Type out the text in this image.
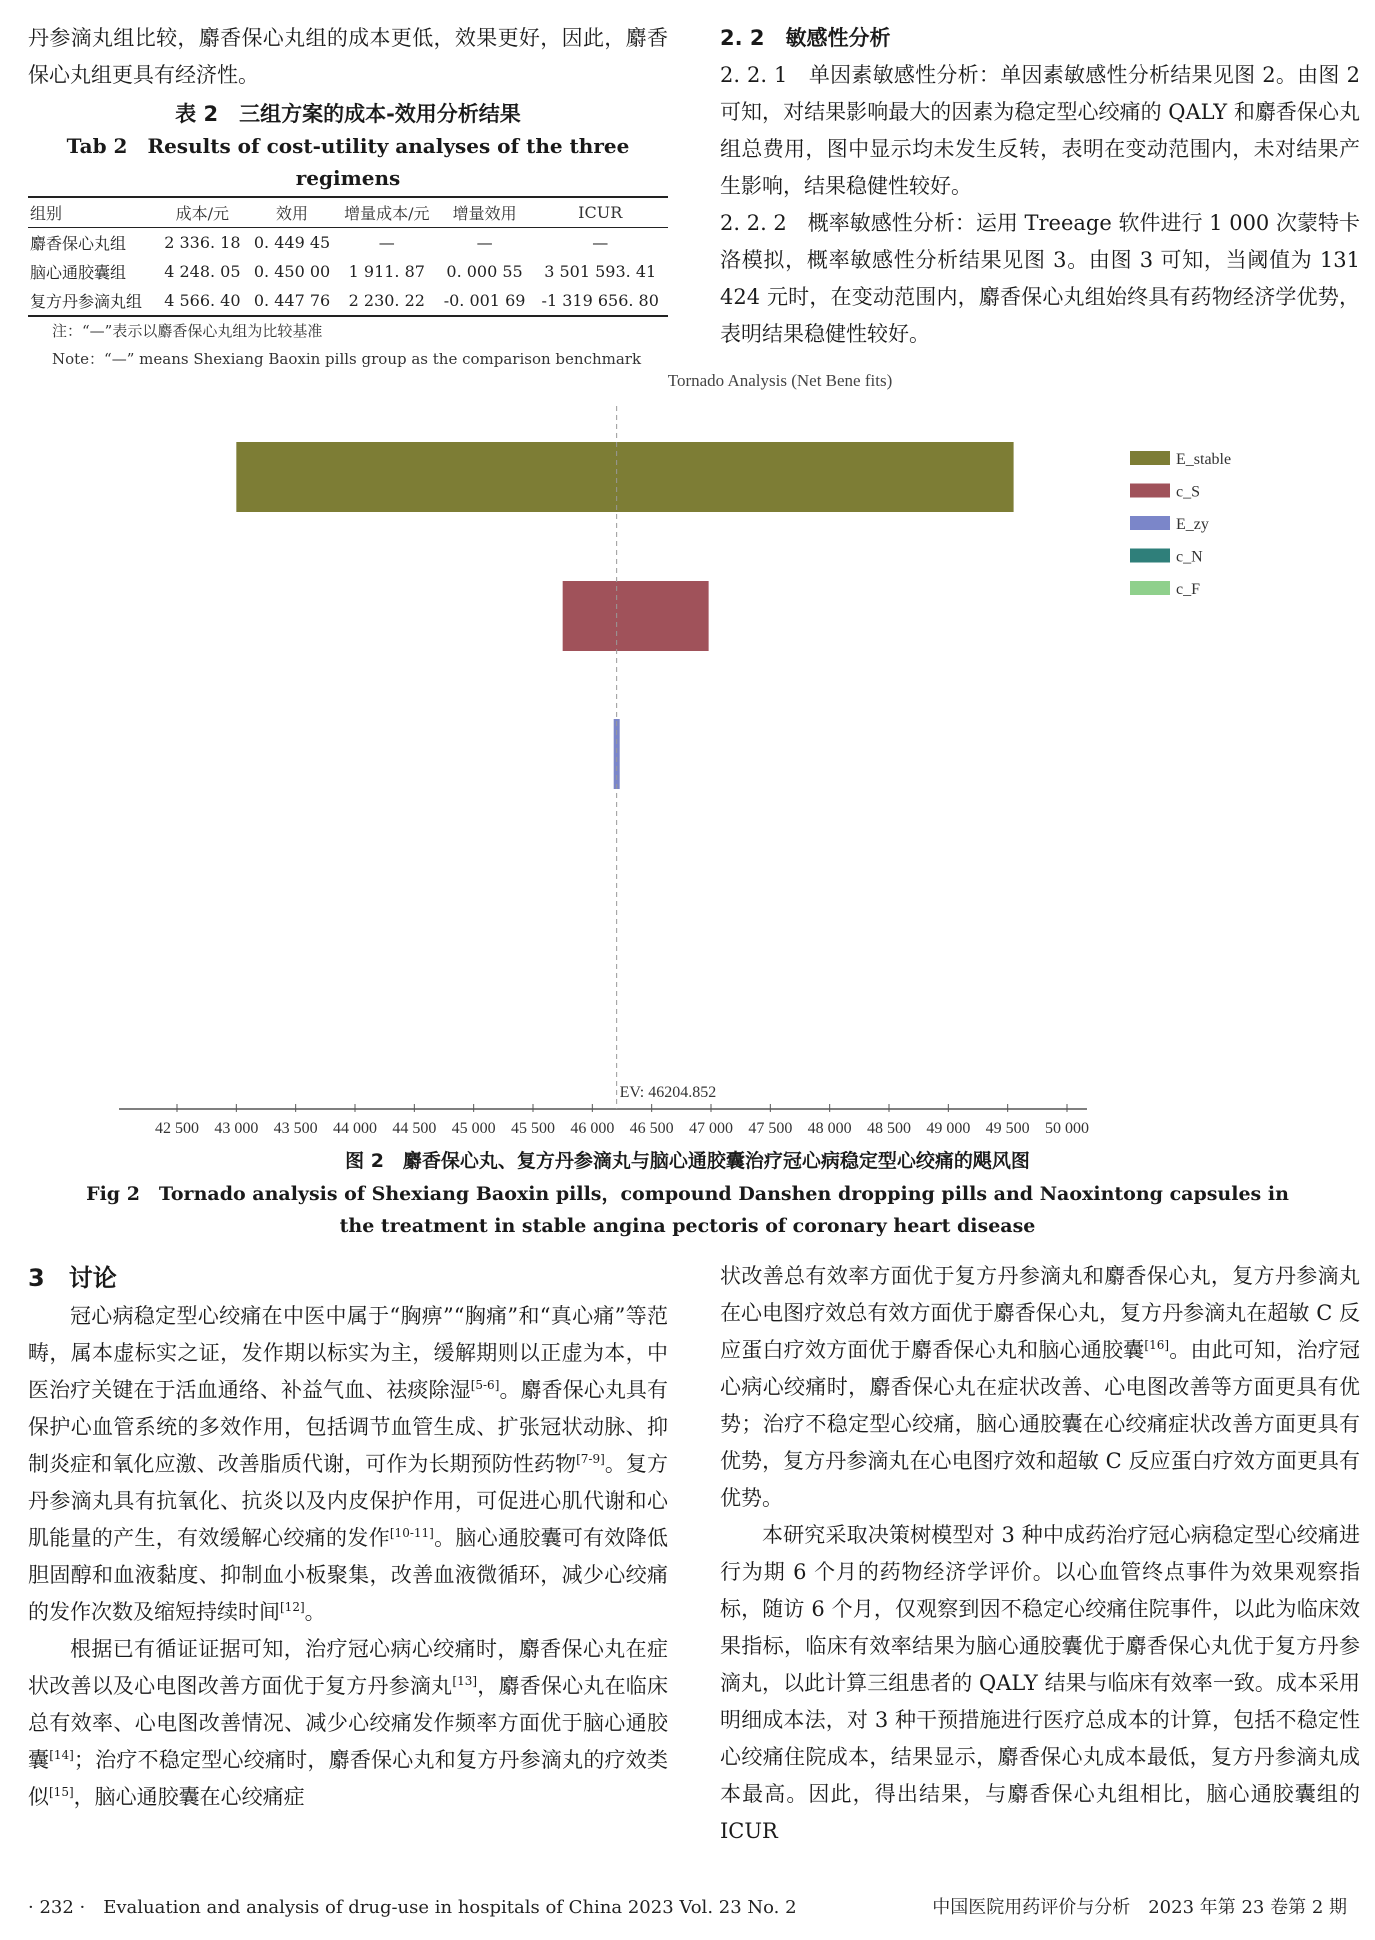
丹参滴丸组比较，麝香保心丸组的成本更低，效果更好，因此，麝香保心丸组更具有经济性。

表 2　三组方案的成本-效用分析结果
Tab 2　Results of cost-utility analyses of the three regimens
组别	成本/元	效用	增量成本/元	增量效用	ICUR
麝香保心丸组	2 336. 18	0. 449 45	—	—	—
脑心通胶囊组	4 248. 05	0. 450 00	1 911. 87	0. 000 55	3 501 593. 41
复方丹参滴丸组	4 566. 40	0. 447 76	2 230. 22	-0. 001 69	-1 319 656. 80
注：“—”表示以麝香保心丸组为比较基准
Note：“—” means Shexiang Baoxin pills group as the comparison benchmark
2. 2　敏感性分析

2. 2. 1　单因素敏感性分析：单因素敏感性分析结果见图 2。由图 2 可知，对结果影响最大的因素为稳定型心绞痛的 QALY 和麝香保心丸组总费用，图中显示均未发生反转，表明在变动范围内，未对结果产生影响，结果稳健性较好。

2. 2. 2　概率敏感性分析：运用 Treeage 软件进行 1 000 次蒙特卡洛模拟，概率敏感性分析结果见图 3。由图 3 可知，当阈值为 131 424 元时，在变动范围内，麝香保心丸组始终具有药物经济学优势，表明结果稳健性较好。

Tornado Analysis (Net Bene fits)
E_stable
c_S
E_zy
c_N
c_F
42 500 43 000 43 500 44 000 44 500 45 000 45 500 46 000 46 500 47 000 47 500 48 000 48 500 49 000 49 500 50 000
EV: 46204.852
图 2　麝香保心丸、复方丹参滴丸与脑心通胶囊治疗冠心病稳定型心绞痛的飓风图
Fig 2　Tornado analysis of Shexiang Baoxin pills，compound Danshen dropping pills and Naoxintong capsules in the treatment in stable angina pectoris of coronary heart disease
3　讨论

冠心病稳定型心绞痛在中医中属于“胸痹”“胸痛”和“真心痛”等范畴，属本虚标实之证，发作期以标实为主，缓解期则以正虚为本，中医治疗关键在于活血通络、补益气血、祛痰除湿[5-6]。麝香保心丸具有保护心血管系统的多效作用，包括调节血管生成、扩张冠状动脉、抑制炎症和氧化应激、改善脂质代谢，可作为长期预防性药物[7-9]。复方丹参滴丸具有抗氧化、抗炎以及内皮保护作用，可促进心肌代谢和心肌能量的产生，有效缓解心绞痛的发作[10-11]。脑心通胶囊可有效降低胆固醇和血液黏度、抑制血小板聚集，改善血液微循环，减少心绞痛的发作次数及缩短持续时间[12]。

根据已有循证证据可知，治疗冠心病心绞痛时，麝香保心丸在症状改善以及心电图改善方面优于复方丹参滴丸[13]，麝香保心丸在临床总有效率、心电图改善情况、减少心绞痛发作频率方面优于脑心通胶囊[14]；治疗不稳定型心绞痛时，麝香保心丸和复方丹参滴丸的疗效类似[15]，脑心通胶囊在心绞痛症

状改善总有效率方面优于复方丹参滴丸和麝香保心丸，复方丹参滴丸在心电图疗效总有效方面优于麝香保心丸，复方丹参滴丸在超敏 C 反应蛋白疗效方面优于麝香保心丸和脑心通胶囊[16]。由此可知，治疗冠心病心绞痛时，麝香保心丸在症状改善、心电图改善等方面更具有优势；治疗不稳定型心绞痛，脑心通胶囊在心绞痛症状改善方面更具有优势，复方丹参滴丸在心电图疗效和超敏 C 反应蛋白疗效方面更具有优势。

本研究采取决策树模型对 3 种中成药治疗冠心病稳定型心绞痛进行为期 6 个月的药物经济学评价。以心血管终点事件为效果观察指标，随访 6 个月，仅观察到因不稳定心绞痛住院事件，以此为临床效果指标，临床有效率结果为脑心通胶囊优于麝香保心丸优于复方丹参滴丸，以此计算三组患者的 QALY 结果与临床有效率一致。成本采用明细成本法，对 3 种干预措施进行医疗总成本的计算，包括不稳定性心绞痛住院成本，结果显示，麝香保心丸成本最低，复方丹参滴丸成本最高。因此，得出结果，与麝香保心丸组相比，脑心通胶囊组的 ICUR

· 232 ·　Evaluation and analysis of drug-use in hospitals of China 2023 Vol. 23 No. 2	中国医院用药评价与分析　2023 年第 23 卷第 2 期
